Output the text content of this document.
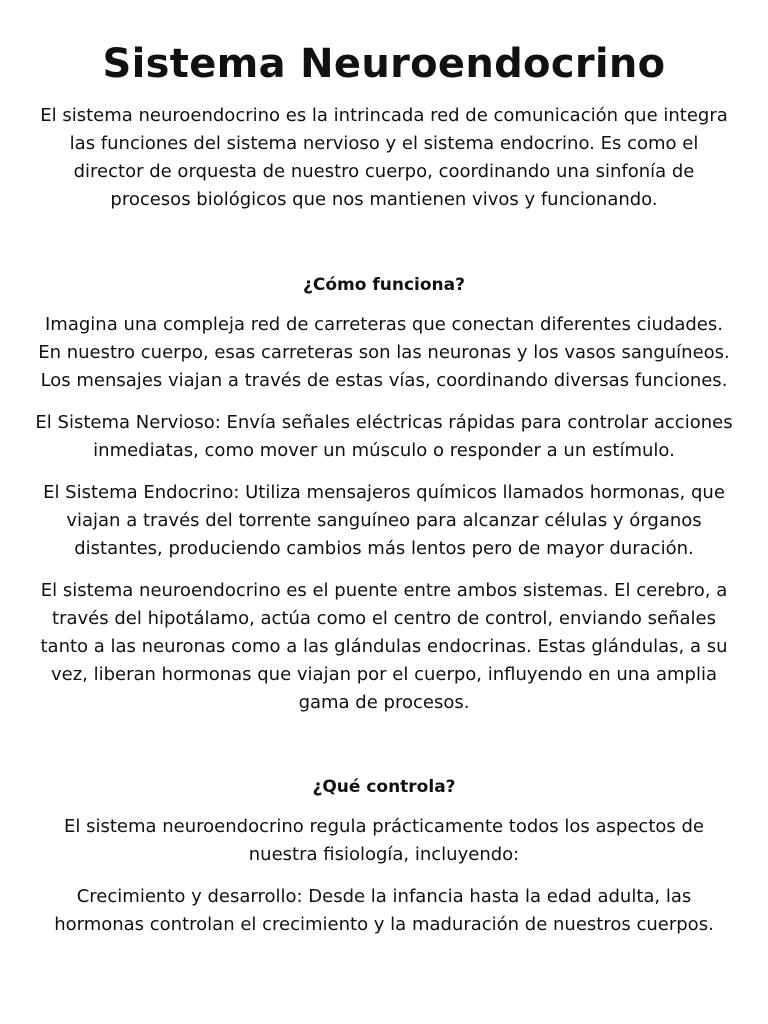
Sistema Neuroendocrino

El sistema neuroendocrino es la intrincada red de comunicación que integra las funciones del sistema nervioso y el sistema endocrino. Es como el director de orquesta de nuestro cuerpo, coordinando una sinfonía de procesos biológicos que nos mantienen vivos y funcionando.

¿Cómo funciona?

Imagina una compleja red de carreteras que conectan diferentes ciudades. En nuestro cuerpo, esas carreteras son las neuronas y los vasos sanguíneos. Los mensajes viajan a través de estas vías, coordinando diversas funciones.

El Sistema Nervioso: Envía señales eléctricas rápidas para controlar acciones inmediatas, como mover un músculo o responder a un estímulo.

El Sistema Endocrino: Utiliza mensajeros químicos llamados hormonas, que viajan a través del torrente sanguíneo para alcanzar células y órganos distantes, produciendo cambios más lentos pero de mayor duración.

El sistema neuroendocrino es el puente entre ambos sistemas. El cerebro, a través del hipotálamo, actúa como el centro de control, enviando señales tanto a las neuronas como a las glándulas endocrinas. Estas glándulas, a su vez, liberan hormonas que viajan por el cuerpo, influyendo en una amplia gama de procesos.

¿Qué controla?

El sistema neuroendocrino regula prácticamente todos los aspectos de nuestra fisiología, incluyendo:

Crecimiento y desarrollo: Desde la infancia hasta la edad adulta, las hormonas controlan el crecimiento y la maduración de nuestros cuerpos.
